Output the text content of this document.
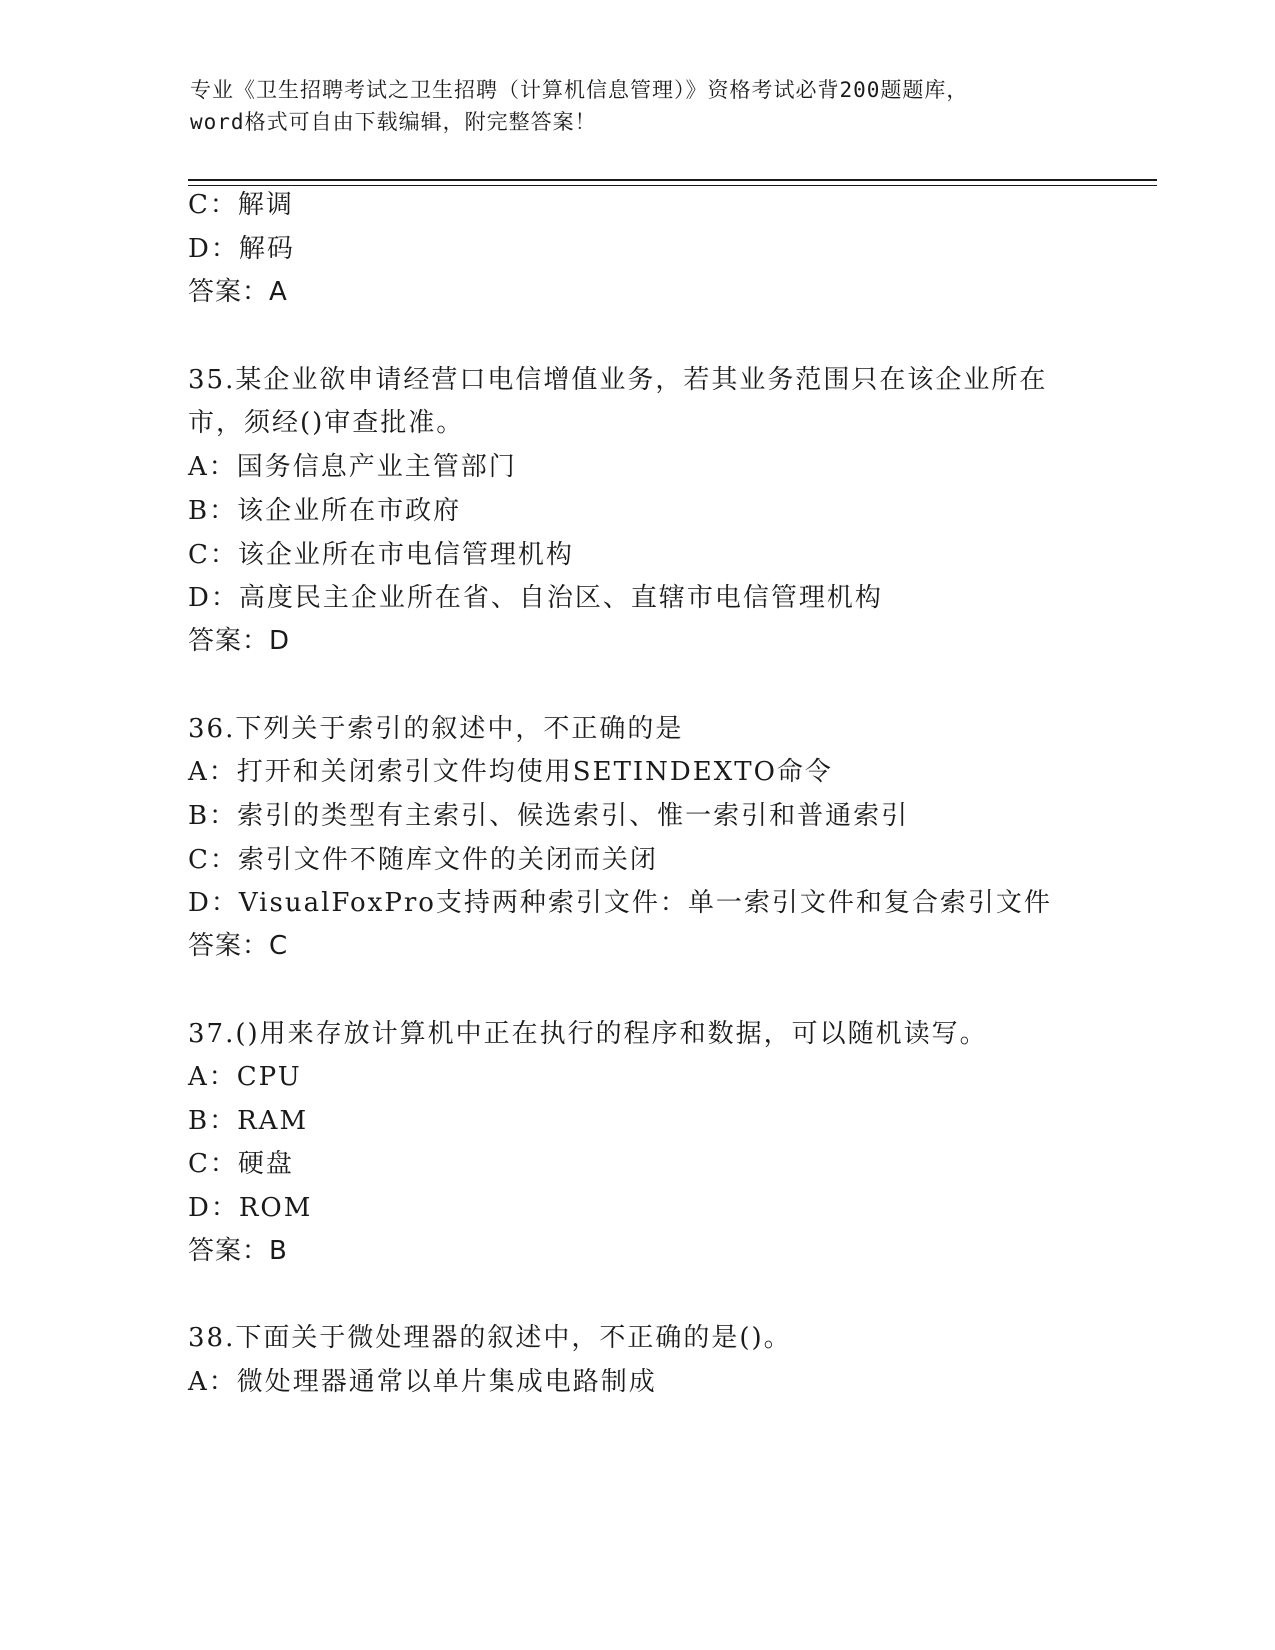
专业《卫生招聘考试之卫生招聘（计算机信息管理）》资格考试必背200题题库，
word格式可自由下载编辑，附完整答案！
C：解调
D：解码
答案：A
35.某企业欲申请经营口电信增值业务，若其业务范围只在该企业所在
市，须经()审查批准。
A：国务信息产业主管部门
B：该企业所在市政府
C：该企业所在市电信管理机构
D：高度民主企业所在省、自治区、直辖市电信管理机构
答案：D
36.下列关于索引的叙述中，不正确的是
A：打开和关闭索引文件均使用SETINDEXTO命令
B：索引的类型有主索引、候选索引、惟一索引和普通索引
C：索引文件不随库文件的关闭而关闭
D：VisualFoxPro支持两种索引文件：单一索引文件和复合索引文件
答案：C
37.()用来存放计算机中正在执行的程序和数据，可以随机读写。
A：CPU
B：RAM
C：硬盘
D：ROM
答案：B
38.下面关于微处理器的叙述中，不正确的是()。
A：微处理器通常以单片集成电路制成
